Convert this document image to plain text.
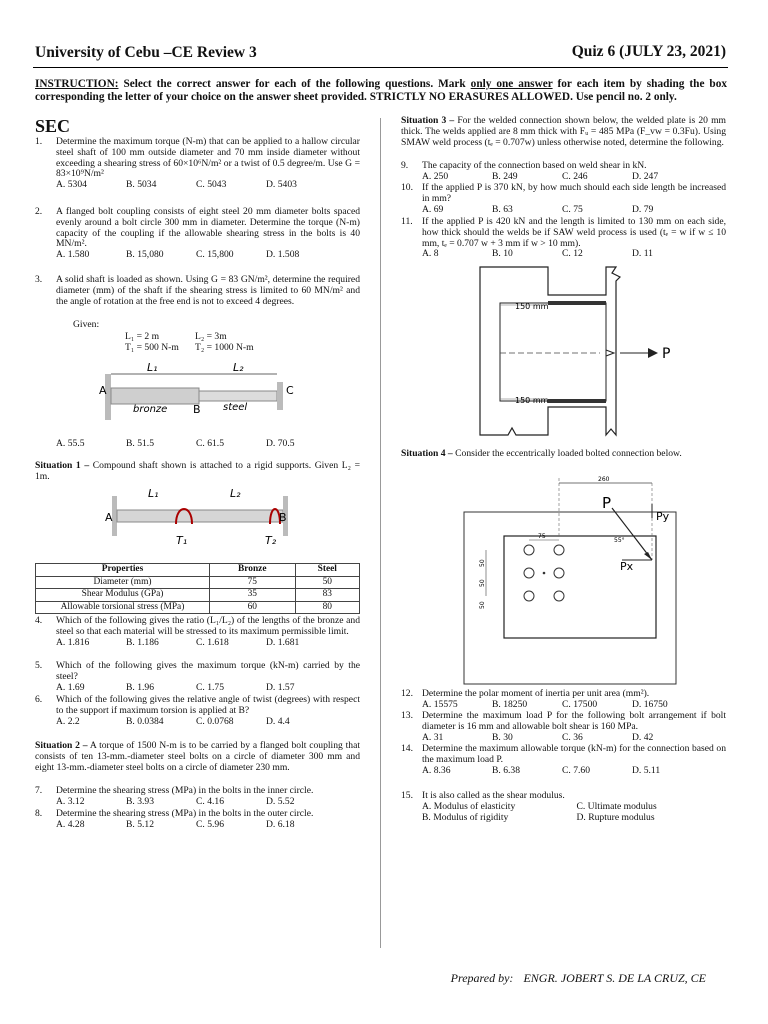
University of Cebu –CE Review 3	Quiz 6 (JULY 23, 2021)
INSTRUCTION: Select the correct answer for each of the following questions. Mark only one answer for each item by shading the box corresponding the letter of your choice on the answer sheet provided. STRICTLY NO ERASURES ALLOWED. Use pencil no. 2 only.
SEC
1.	Determine the maximum torque (N-m) that can be applied to a hallow circular steel shaft of 100 mm outside diameter and 70 mm inside diameter without exceeding a shearing stress of 60×10⁶N/m² or a twist of 0.5 degree/m. Use G = 83×10⁹N/m²
A. 5304	B. 5034	C. 5043	D. 5403
2.	A flanged bolt coupling consists of eight steel 20 mm diameter bolts spaced evenly around a bolt circle 300 mm in diameter. Determine the torque (N-m) capacity of the coupling if the allowable shearing stress in the bolts is 40 MN/m².
A. 1.580	B. 15,080	C. 15,800	D. 1.508
3.	A solid shaft is loaded as shown. Using G = 83 GN/m², determine the required diameter (mm) of the shaft if the shearing stress is limited to 60 MN/m² and the angle of rotation at the free end is not to exceed 4 degrees.
Given:
L₁ = 2 m	L₂ = 3m
T₁ = 500 N-m T₂ = 1000 N-m
A
B
C
L₁	L₂
bronze	steel
A. 55.5	B. 51.5	C. 61.5	D. 70.5
Situation 1 – Compound shaft shown is attached to a rigid supports. Given L₂ = 1m.
A	B
L₁	L₂
T₁	T₂
Properties	Bronze	Steel
Diameter (mm)	75	50
Shear Modulus (GPa)	35	83
Allowable torsional stress (MPa)	60	80
4.	Which of the following gives the ratio (L₁/L₂) of the lengths of the bronze and steel so that each material will be stressed to its maximum permissible limit.
A. 1.816	B. 1.186	C. 1.618	D. 1.681
5.	Which of the following gives the maximum torque (kN-m) carried by the steel?
A. 1.69	B. 1.96	C. 1.75	D. 1.57
6.	Which of the following gives the relative angle of twist (degrees) with respect to the support if maximum torsion is applied at B?
A. 2.2	B. 0.0384	C. 0.0768	D. 4.4
Situation 2 – A torque of 1500 N-m is to be carried by a flanged bolt coupling that consists of ten 13-mm.-diameter steel bolts on a circle of diameter 300 mm and eight 13-mm.-diameter steel bolts on a circle of diameter 230 mm.
7.	Determine the shearing stress (MPa) in the bolts in the inner circle.
A. 3.12	B. 3.93	C. 4.16	D. 5.52
8.	Determine the shearing stress (MPa) in the bolts in the outer circle.
A. 4.28	B. 5.12	C. 5.96	D. 6.18
Situation 3 – For the welded connection shown below, the welded plate is 20 mm thick. The welds applied are 8 mm thick with Fᵤ = 485 MPa (F_vw = 0.3Fu). Using SMAW weld process (tₑ = 0.707w) unless otherwise noted, determine the following.
9.	The capacity of the connection based on weld shear in kN.
A. 250	B. 249	C. 246	D. 247
10. If the applied P is 370 kN, by how much should each side length be increased in mm?
A. 69	B. 63	C. 75	D. 79
11. If the applied P is 420 kN and the length is limited to 130 mm on each side, how thick should the welds be if SAW weld process is used (tₑ = w if w ≤ 10 mm, tₑ = 0.707 w + 3 mm if w > 10 mm).
A. 8	B. 10	C. 12	D. 11
P
150 mm
150 mm
Situation 4 – Consider the eccentrically loaded bolted connection below.
260
75
P
Py
Px
55°
50
50
50
12. Determine the polar moment of inertia per unit area (mm²).
A. 15575	B. 18250	C. 17500	D. 16750
13. Determine the maximum load P for the following bolt arrangement if bolt diameter is 16 mm and allowable bolt shear is 160 MPa.
A. 31	B. 30	C. 36	D. 42
14. Determine the maximum allowable torque (kN-m) for the connection based on the maximum load P.
A. 8.36	B. 6.38	C. 7.60	D. 5.11
15. It is also called as the shear modulus.
A. Modulus of elasticity	C. Ultimate modulus
B. Modulus of rigidity	D. Rupture modulus
Prepared by: ENGR. JOBERT S. DE LA CRUZ, CE
